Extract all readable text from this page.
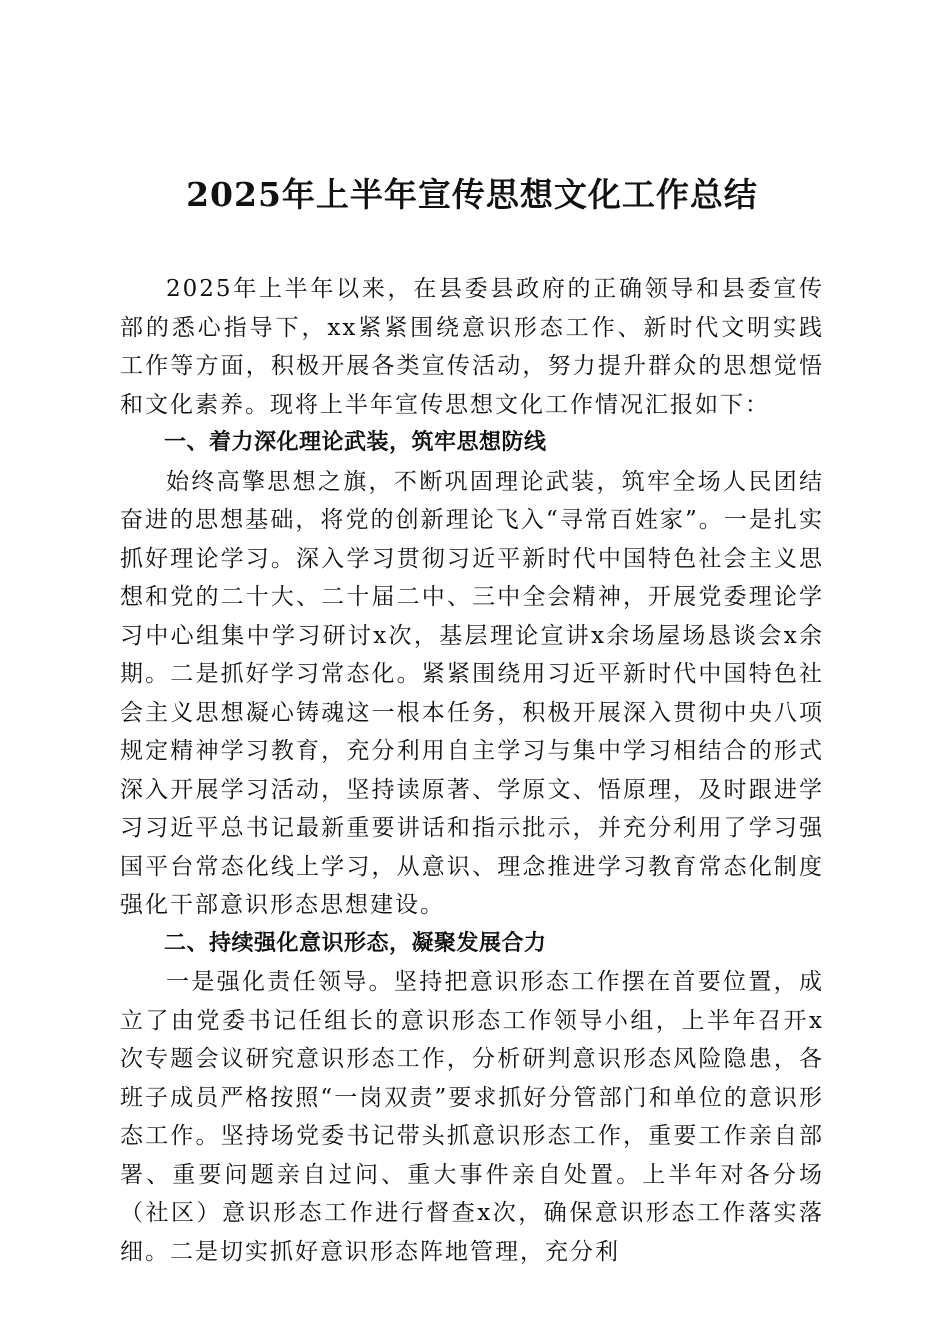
2025年上半年宣传思想文化工作总结

2025年上半年以来，在县委县政府的正确领导和县委宣传部的悉心指导下，xx紧紧围绕意识形态工作、新时代文明实践工作等方面，积极开展各类宣传活动，努力提升群众的思想觉悟和文化素养。现将上半年宣传思想文化工作情况汇报如下：

一、着力深化理论武装，筑牢思想防线

始终高擎思想之旗，不断巩固理论武装，筑牢全场人民团结奋进的思想基础，将党的创新理论飞入“寻常百姓家”。一是扎实抓好理论学习。深入学习贯彻习近平新时代中国特色社会主义思想和党的二十大、二十届二中、三中全会精神，开展党委理论学习中心组集中学习研讨x次，基层理论宣讲x余场屋场恳谈会x余期。二是抓好学习常态化。紧紧围绕用习近平新时代中国特色社会主义思想凝心铸魂这一根本任务，积极开展深入贯彻中央八项规定精神学习教育，充分利用自主学习与集中学习相结合的形式深入开展学习活动，坚持读原著、学原文、悟原理，及时跟进学习习近平总书记最新重要讲话和指示批示，并充分利用了学习强国平台常态化线上学习，从意识、理念推进学习教育常态化制度强化干部意识形态思想建设。

二、持续强化意识形态，凝聚发展合力

一是强化责任领导。坚持把意识形态工作摆在首要位置，成立了由党委书记任组长的意识形态工作领导小组，上半年召开x次专题会议研究意识形态工作，分析研判意识形态风险隐患，各班子成员严格按照“一岗双责”要求抓好分管部门和单位的意识形态工作。坚持场党委书记带头抓意识形态工作，重要工作亲自部署、重要问题亲自过问、重大事件亲自处置。上半年对各分场（社区）意识形态工作进行督查x次，确保意识形态工作落实落细。二是切实抓好意识形态阵地管理，充分利
